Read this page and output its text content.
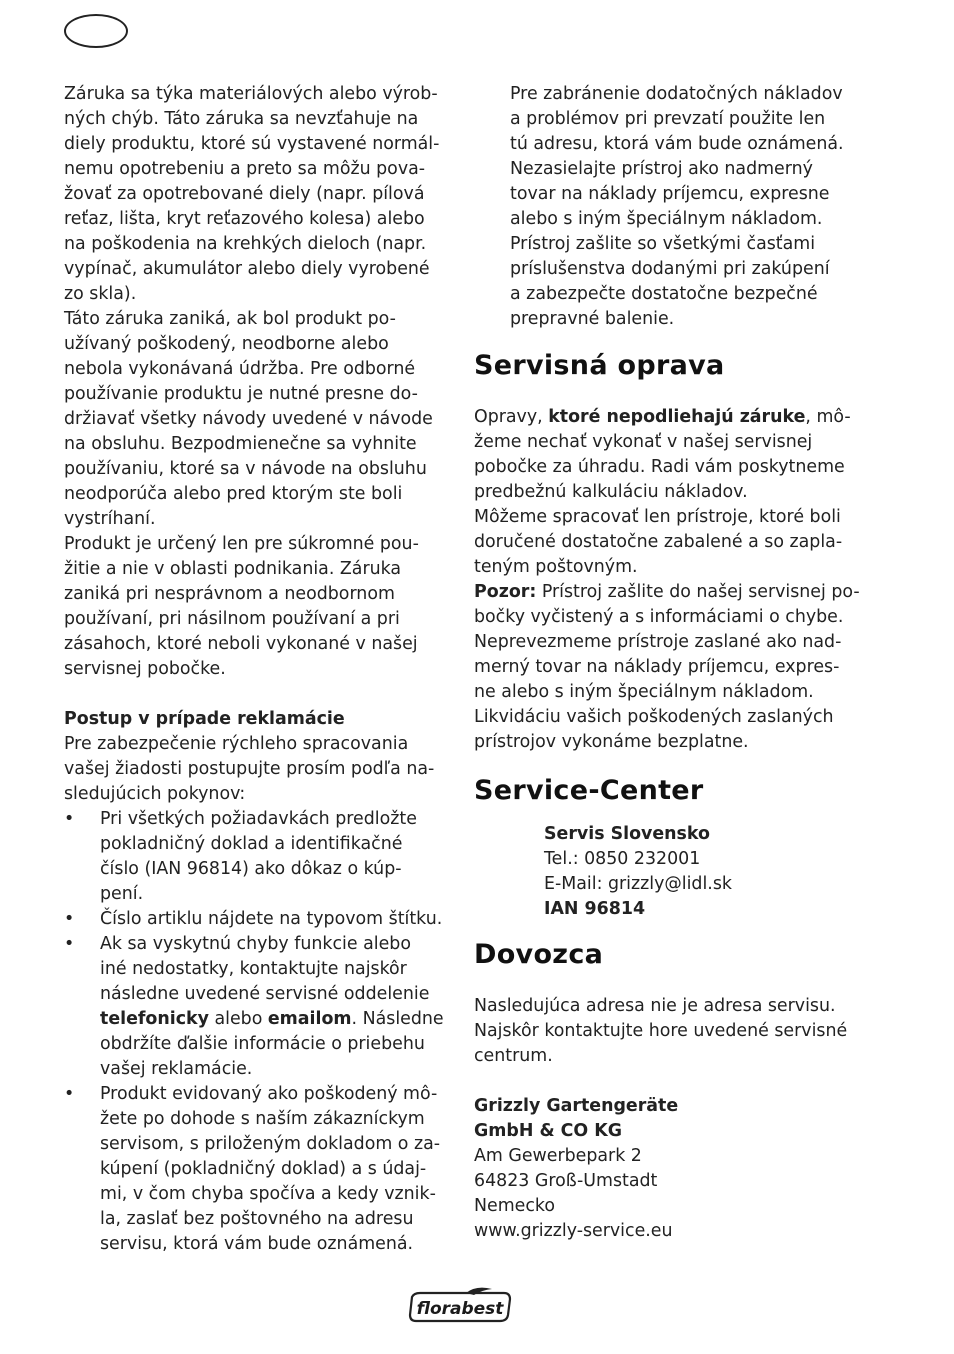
Záruka sa týka materiálových alebo výrob-
ných chýb. Táto záruka sa nevzťahuje na
diely produktu, ktoré sú vystavené normál-
nemu opotrebeniu a preto sa môžu pova-
žovať za opotrebované diely (napr. pílová
reťaz, lišta, kryt reťazového kolesa) alebo
na poškodenia na krehkých dieloch (napr.
vypínač, akumulátor alebo diely vyrobené
zo skla).

Táto záruka zaniká, ak bol produkt po-
užívaný poškodený, neodborne alebo
nebola vykonávaná údržba. Pre odborné
používanie produktu je nutné presne do-
držiavať všetky návody uvedené v návode
na obsluhu. Bezpodmienečne sa vyhnite
používaniu, ktoré sa v návode na obsluhu
neodporúča alebo pred ktorým ste boli
vystríhaní.

Produkt je určený len pre súkromné pou-
žitie a nie v oblasti podnikania. Záruka
zaniká pri nesprávnom a neodbornom
používaní, pri násilnom používaní a pri
zásahoch, ktoré neboli vykonané v našej
servisnej pobočke.

Postup v prípade reklamácie

Pre zabezpečenie rýchleho spracovania
vašej žiadosti postupujte prosím podľa na-
sledujúcich pokynov:

• Pri všetkých požiadavkách predložte
pokladničný doklad a identifikačné
číslo (IAN 96814) ako dôkaz o kúp-
pení.
• Číslo artiklu nájdete na typovom štítku.
• Ak sa vyskytnú chyby funkcie alebo
iné nedostatky, kontaktujte najskôr
následne uvedené servisné oddelenie
telefonicky alebo emailom. Následne
obdržíte ďalšie informácie o priebehu
vašej reklamácie.
• Produkt evidovaný ako poškodený mô-
žete po dohode s naším zákazníckym
servisom, s priloženým dokladom o za-
kúpení (pokladničný doklad) a s údaj-
mi, v čom chyba spočíva a kedy vznik-
la, zaslať bez poštovného na adresu
servisu, ktorá vám bude oznámená.

Pre zabránenie dodatočných nákladov
a problémov pri prevzatí použite len
tú adresu, ktorá vám bude oznámená.
Nezasielajte prístroj ako nadmerný
tovar na náklady príjemcu, expresne
alebo s iným špeciálnym nákladom.
Prístroj zašlite so všetkými časťami
príslušenstva dodanými pri zakúpení
a zabezpečte dostatočne bezpečné
prepravné balenie.

Servisná oprava

Opravy, ktoré nepodliehajú záruke, mô-
žeme nechať vykonať v našej servisnej
pobočke za úhradu. Radi vám poskytneme
predbežnú kalkuláciu nákladov.
Môžeme spracovať len prístroje, ktoré boli
doručené dostatočne zabalené a so zapla-
teným poštovným.
Pozor: Prístroj zašlite do našej servisnej po-
bočky vyčistený a s informáciami o chybe.
Neprevezmeme prístroje zaslané ako nad-
merný tovar na náklady príjemcu, expres-
ne alebo s iným špeciálnym nákladom.
Likvidáciu vašich poškodených zaslaných
prístrojov vykonáme bezplatne.

Service-Center

Servis Slovensko
Tel.: 0850 232001
E-Mail: grizzly@lidl.sk
IAN 96814

Dovozca

Nasledujúca adresa nie je adresa servisu.
Najskôr kontaktujte hore uvedené servisné
centrum.

Grizzly Gartengeräte
GmbH & CO KG
Am Gewerbepark 2
64823 Groß-Umstadt
Nemecko
www.grizzly-service.eu

florabest
